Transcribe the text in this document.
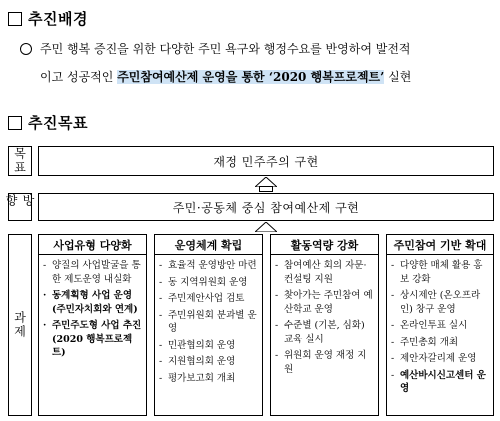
추진배경
주민 행복 증진을 위한 다양한 주민 욕구와 행정수요를 반영하여 발전적
이고 성공적인 주민참여예산제 운영을 통한 ‘2020 행복프로젝트’ 실현
추진목표
목표	재정 민주주의 구현
방향	주민·공동체 중심 참여예산제 구현
과제
사업유형 다양화
- 양질의 사업발굴을 통한 제도운영 내실화
·
동계획형 사업 운영 (주민자치회와 연계)
·
주민주도형 사업 추진 (2020 행복프로젝트)
운영체계 확립
- 효율적 운영방안 마련
- 동 지역위원회 운영
- 주민제안사업 검토
- 주민위원회 분과별 운영
- 민관협의회 운영
- 지원협의회 운영
- 평가보고회 개최
활동역량 강화
- 참여예산 회의 자문·컨설팅 지원
- 찾아가는 주민참여 예산학교 운영
- 수준별 (기본, 심화) 교육 실시
- 위원회 운영 재정 지원
주민참여 기반 확대
- 다양한 매체 활용 홍보 강화
- 상시제안 (온오프라인) 창구 운영
- 온라인투표 실시
- 주민총회 개최
- 제안자갈리제 운영
- 예산바시신고센터 운영
